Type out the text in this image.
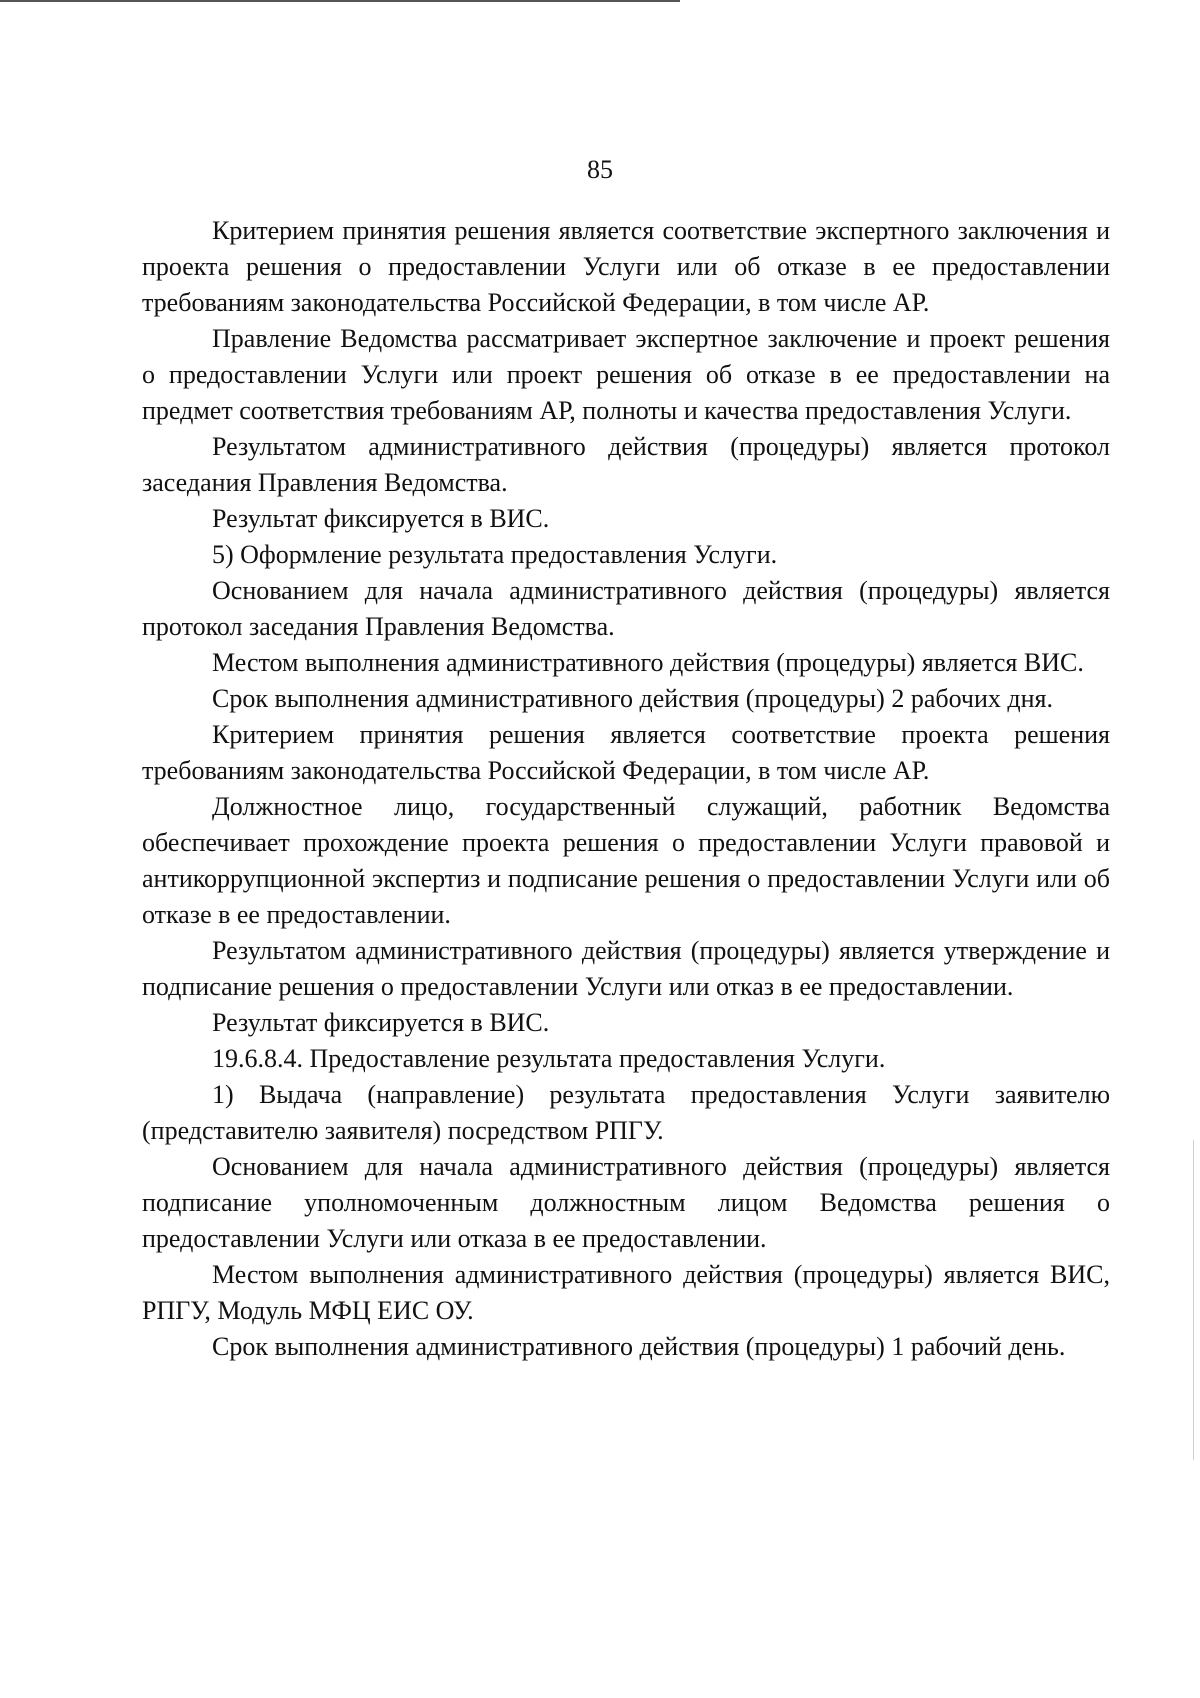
85

Критерием принятия решения является соответствие экспертного заключения и проекта решения о предоставлении Услуги или об отказе в ее предоставлении требованиям законодательства Российской Федерации, в том числе АР.

Правление Ведомства рассматривает экспертное заключение и проект решения о предоставлении Услуги или проект решения об отказе в ее предоставлении на предмет соответствия требованиям АР, полноты и качества предоставления Услуги.

Результатом административного действия (процедуры) является протокол заседания Правления Ведомства.

Результат фиксируется в ВИС.

5) Оформление результата предоставления Услуги.

Основанием для начала административного действия (процедуры) является протокол заседания Правления Ведомства.

Местом выполнения административного действия (процедуры) является ВИС.

Срок выполнения административного действия (процедуры) 2 рабочих дня.

Критерием принятия решения является соответствие проекта решения требованиям законодательства Российской Федерации, в том числе АР.

Должностное лицо, государственный служащий, работник Ведомства обеспечивает прохождение проекта решения о предоставлении Услуги правовой и антикоррупционной экспертиз и подписание решения о предоставлении Услуги или об отказе в ее предоставлении.

Результатом административного действия (процедуры) является утверждение и подписание решения о предоставлении Услуги или отказ в ее предоставлении.

Результат фиксируется в ВИС.

19.6.8.4. Предоставление результата предоставления Услуги.

1) Выдача (направление) результата предоставления Услуги заявителю (представителю заявителя) посредством РПГУ.

Основанием для начала административного действия (процедуры) является подписание уполномоченным должностным лицом Ведомства решения о предоставлении Услуги или отказа в ее предоставлении.

Местом выполнения административного действия (процедуры) является ВИС, РПГУ, Модуль МФЦ ЕИС ОУ.

Срок выполнения административного действия (процедуры) 1 рабочий день.
